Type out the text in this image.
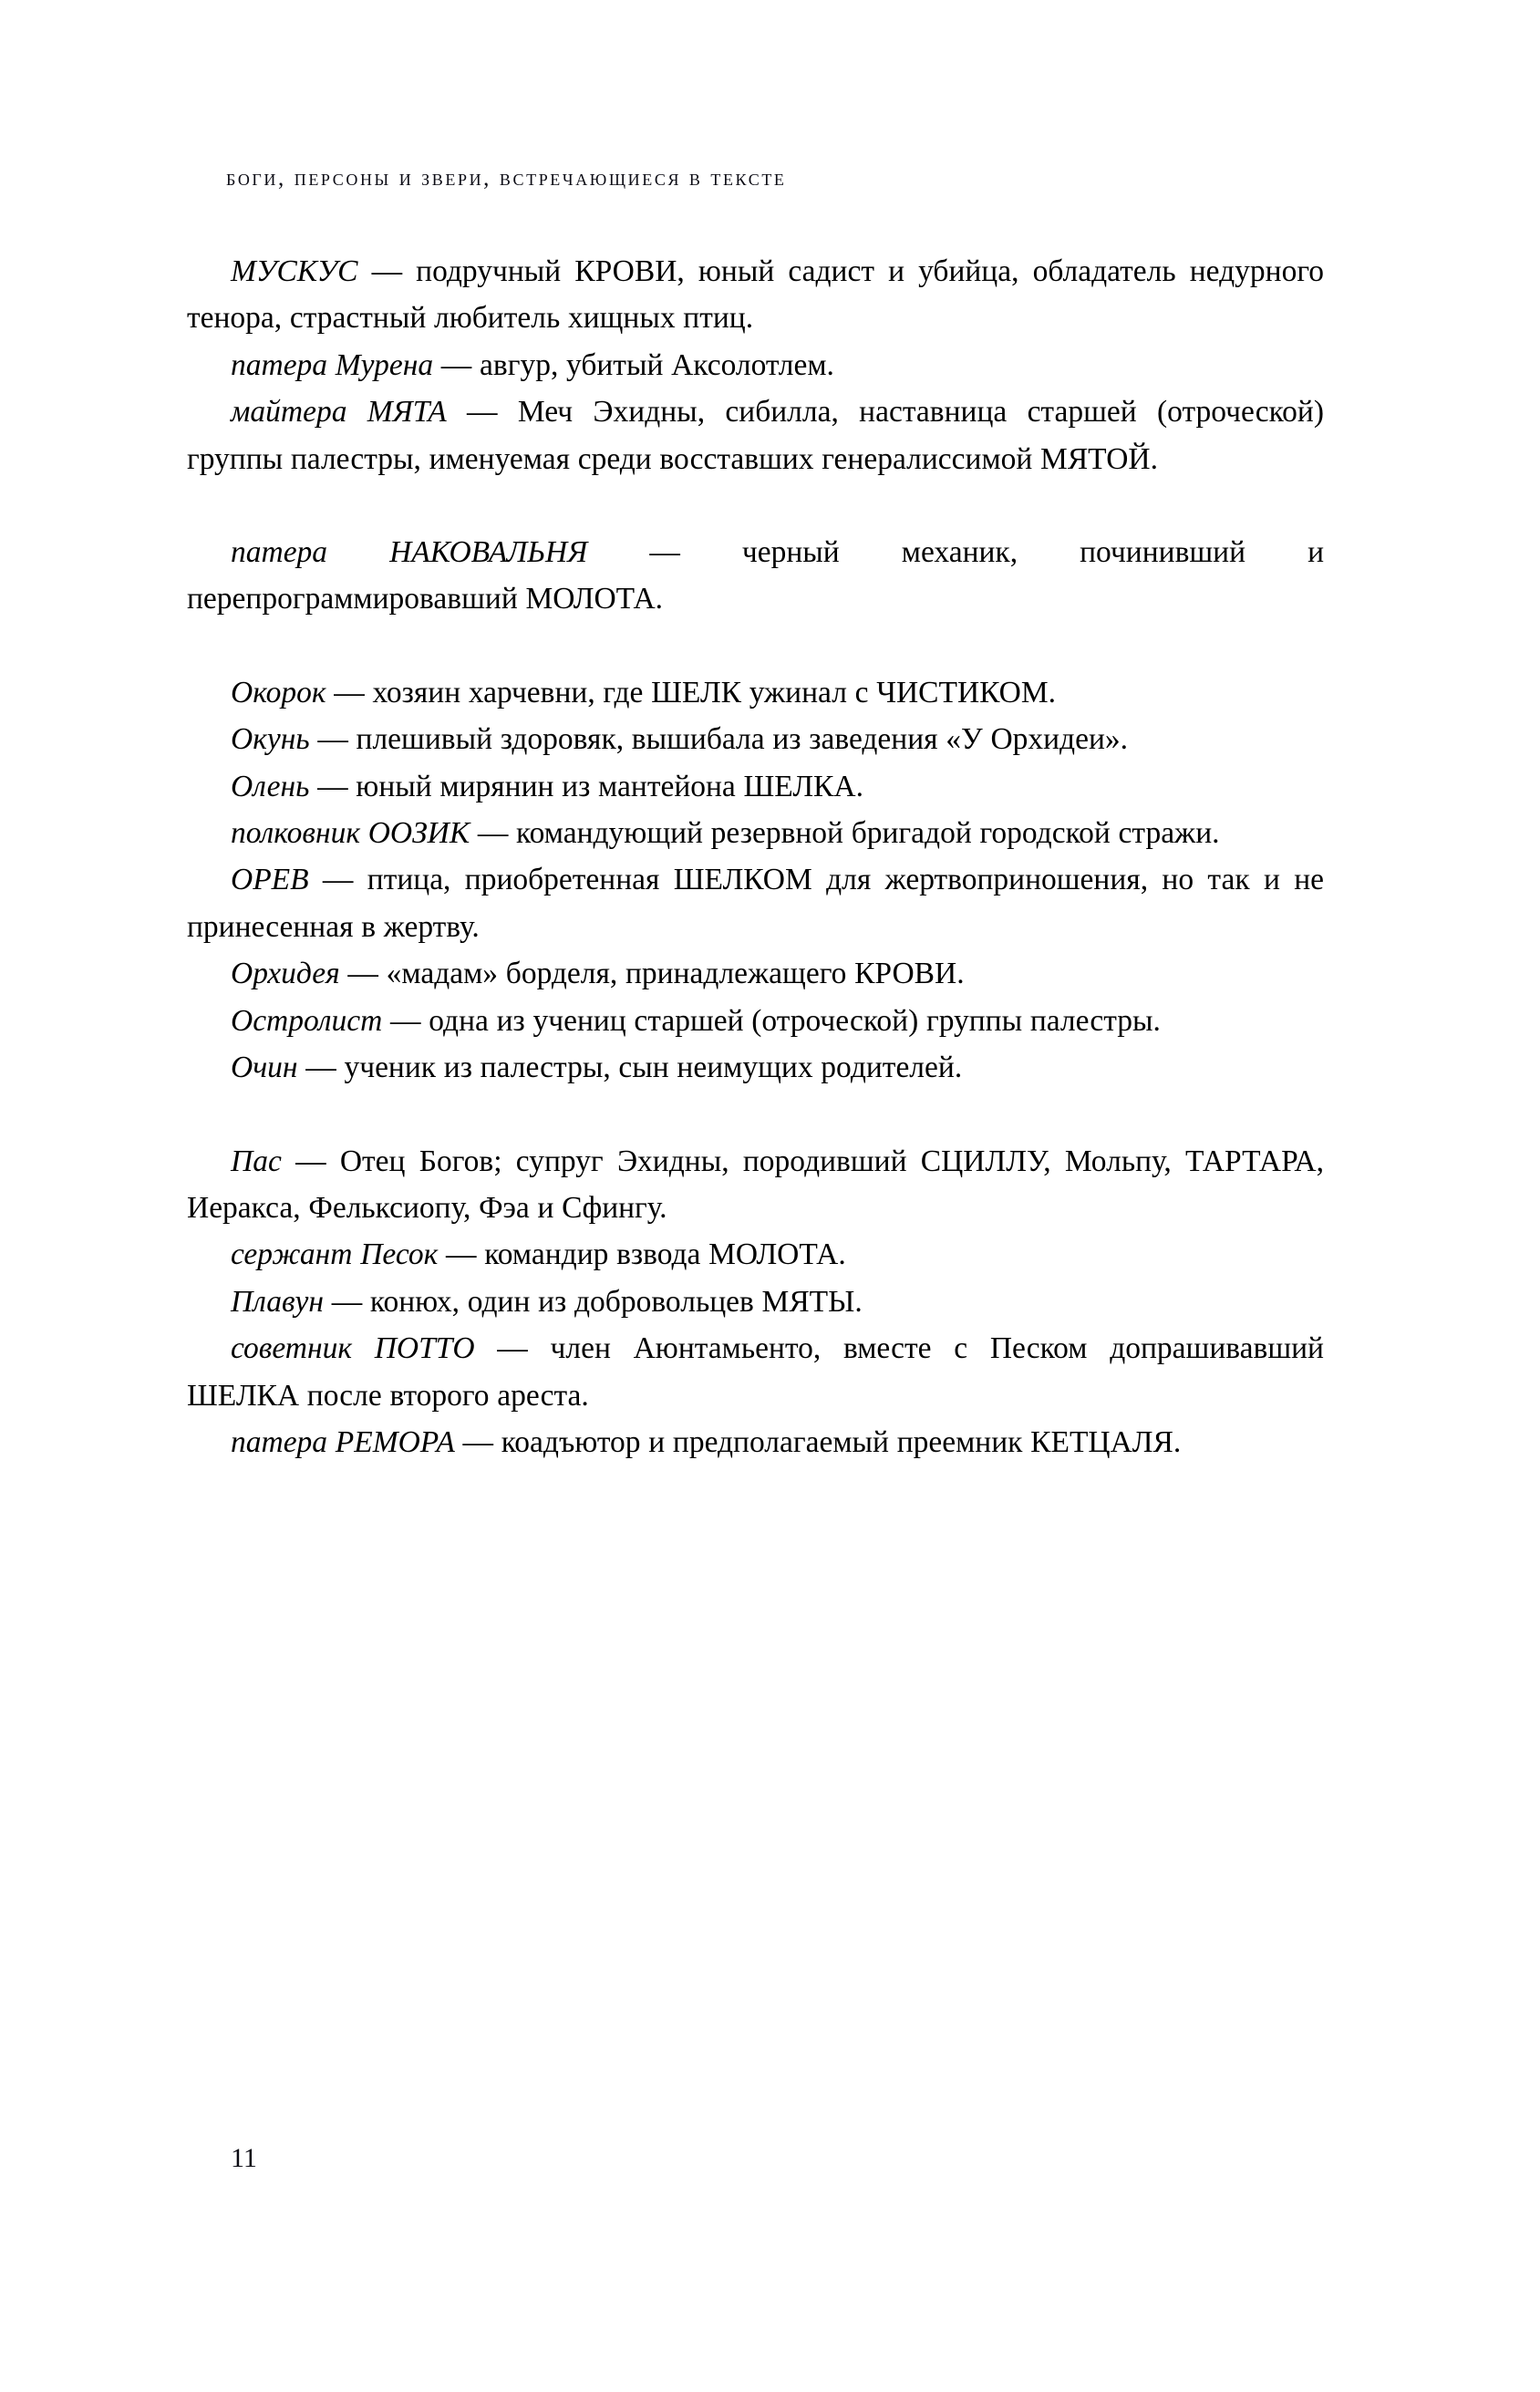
боги, персоны и звери, встречающиеся в тексте

МУСКУС — подручный КРОВИ, юный садист и убийца, обладатель недурного тенора, страстный любитель хищных птиц.

патера Мурена — авгур, убитый Аксолотлем.

майтера МЯТА — Меч Эхидны, сибилла, наставница старшей (отроческой) группы палестры, именуемая среди восставших генералиссимой МЯТОЙ.

патера НАКОВАЛЬНЯ — черный механик, починивший и перепрограммировавший МОЛОТА.

Окорок — хозяин харчевни, где ШЕЛК ужинал с ЧИСТИКОМ.

Окунь — плешивый здоровяк, вышибала из заведения «У Орхидеи».

Олень — юный мирянин из мантейона ШЕЛКА.

полковник ООЗИК — командующий резервной бригадой городской стражи.

ОРЕВ — птица, приобретенная ШЕЛКОМ для жертвоприношения, но так и не принесенная в жертву.

Орхидея — «мадам» борделя, принадлежащего КРОВИ.

Остролист — одна из учениц старшей (отроческой) группы палестры.

Очин — ученик из палестры, сын неимущих родителей.

Пас — Отец Богов; супруг Эхидны, породивший СЦИЛЛУ, Мольпу, ТАРТАРА, Иеракса, Фельксиопу, Фэа и Сфингу.

сержант Песок — командир взвода МОЛОТА.

Плавун — конюх, один из добровольцев МЯТЫ.

советник ПОТТО — член Аюнтамьенто, вместе с Песком допрашивавший ШЕЛКА после второго ареста.

патера РЕМОРА — коадъютор и предполагаемый преемник КЕТЦАЛЯ.

11
